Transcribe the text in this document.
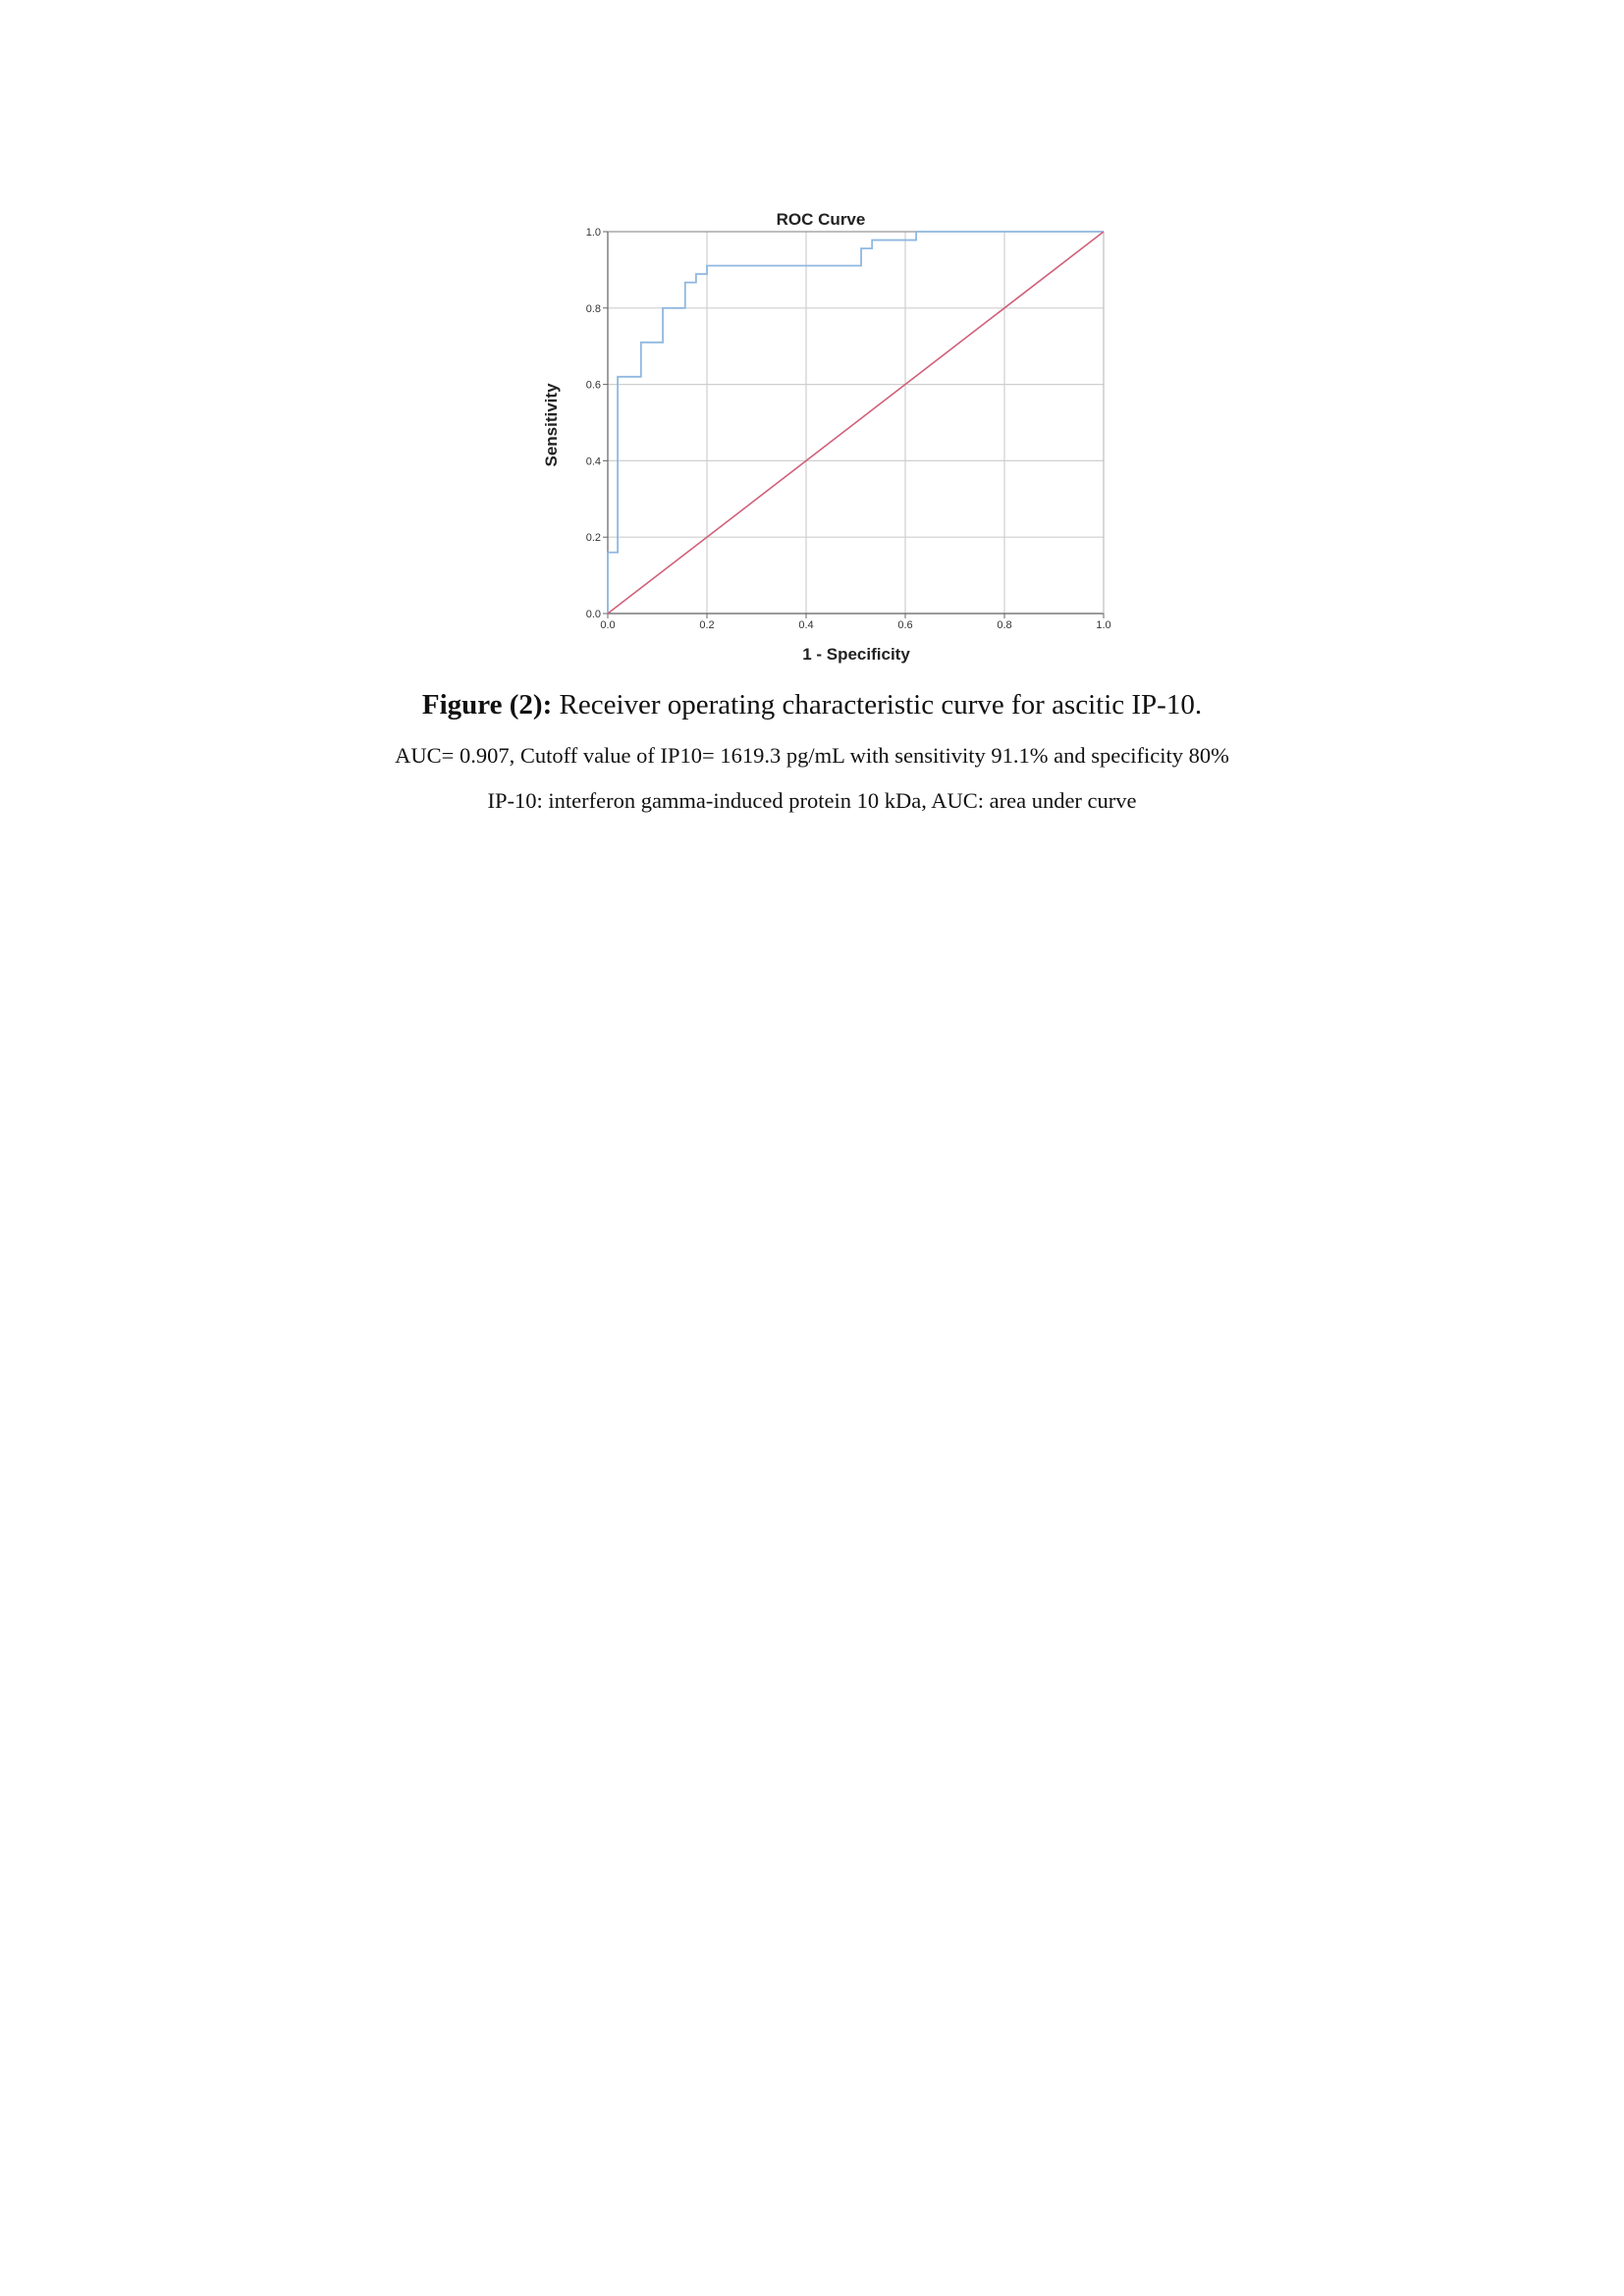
ROC Curve
0.0	0.2	0.4	0.6	0.8	1.0
0.0
0.2
0.4
0.6
0.8
1.0
1 - Specificity
Sensitivity
Figure (2): Receiver operating characteristic curve for ascitic IP-10.
AUC= 0.907, Cutoff value of IP10= 1619.3 pg/mL with sensitivity 91.1% and specificity 80%
IP-10: interferon gamma-induced protein 10 kDa, AUC: area under curve
